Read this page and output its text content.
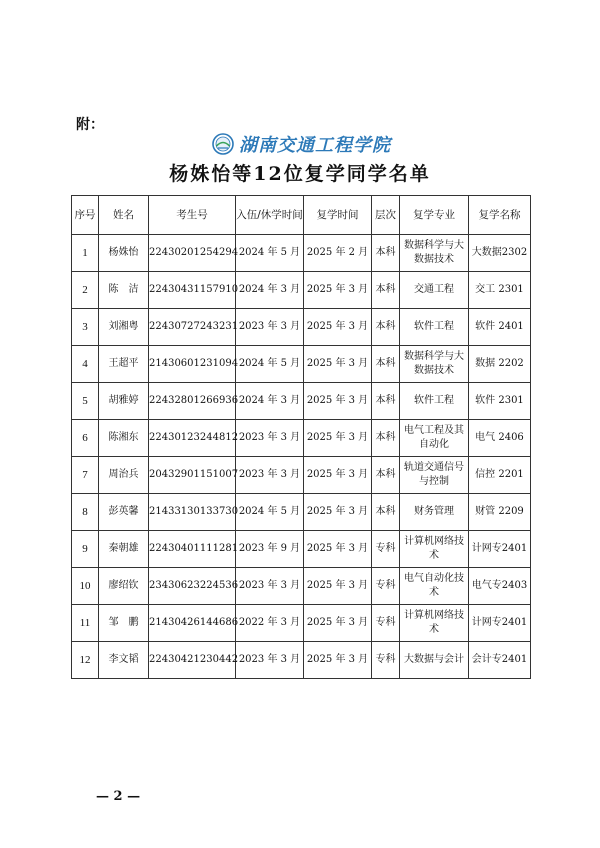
附：
湖南交通工程学院
杨姝怡等12位复学同学名单
序号	姓名	考生号	入伍/休学时间	复学时间	层次	复学专业	复学名称
1	杨姝怡	22430201254294	2024 年 5 月	2025 年 2 月	本科	数据科学与大数据技术	大数据2302
2	陈　洁	22430431157910	2024 年 3 月	2025 年 3 月	本科	交通工程	交工 2301
3	刘湘粤	22430727243231	2023 年 3 月	2025 年 3 月	本科	软件工程	软件 2401
4	王超平	21430601231094	2024 年 5 月	2025 年 3 月	本科	数据科学与大数据技术	数据 2202
5	胡雅婷	22432801266936	2024 年 3 月	2025 年 3 月	本科	软件工程	软件 2301
6	陈湘东	22430123244812	2023 年 3 月	2025 年 3 月	本科	电气工程及其自动化	电气 2406
7	周治兵	20432901151007	2023 年 3 月	2025 年 3 月	本科	轨道交通信号与控制	信控 2201
8	彭英馨	21433130133730	2024 年 5 月	2025 年 3 月	本科	财务管理	财管 2209
9	秦朝雄	22430401111281	2023 年 9 月	2025 年 3 月	专科	计算机网络技术	计网专2401
10	廖绍钦	23430623224536	2023 年 3 月	2025 年 3 月	专科	电气自动化技术	电气专2403
11	邹　鹏	21430426144686	2022 年 3 月	2025 年 3 月	专科	计算机网络技术	计网专2401
12	李文韬	22430421230442	2023 年 3 月	2025 年 3 月	专科	大数据与会计	会计专2401
— 2 —
